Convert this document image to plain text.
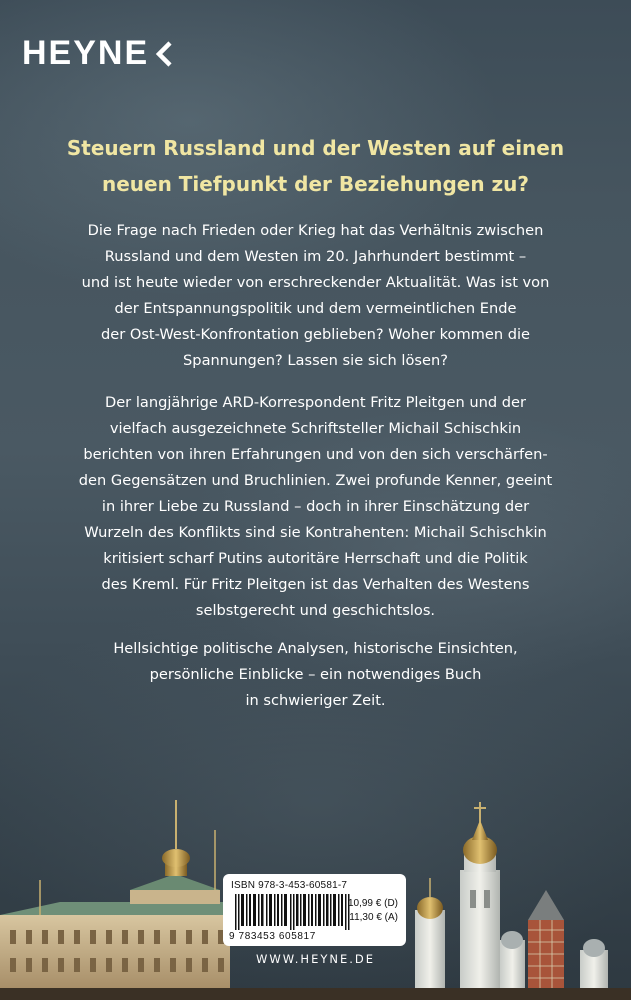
HEYNE
Steuern Russland und der Westen auf einen
neuen Tiefpunkt der Beziehungen zu?
Die Frage nach Frieden oder Krieg hat das Verhältnis zwischen
Russland und dem Westen im 20. Jahrhundert bestimmt –
und ist heute wieder von erschreckender Aktualität. Was ist von
der Entspannungspolitik und dem vermeintlichen Ende
der Ost-West-Konfrontation geblieben? Woher kommen die
Spannungen? Lassen sie sich lösen?
Der langjährige ARD-Korrespondent Fritz Pleitgen und der
vielfach ausgezeichnete Schriftsteller Michail Schischkin
berichten von ihren Erfahrungen und von den sich verschärfen-
den Gegensätzen und Bruchlinien. Zwei profunde Kenner, geeint
in ihrer Liebe zu Russland – doch in ihrer Einschätzung der
Wurzeln des Konflikts sind sie Kontrahenten: Michail Schischkin
kritisiert scharf Putins autoritäre Herrschaft und die Politik
des Kreml. Für Fritz Pleitgen ist das Verhalten des Westens
selbstgerecht und geschichtslos.
Hellsichtige politische Analysen, historische Einsichten,
persönliche Einblicke – ein notwendiges Buch
in schwieriger Zeit.
ISBN 978-3-453-60581-7
9 783453 605817
10,99 € (D)
11,30 € (A)
WWW.HEYNE.DE
